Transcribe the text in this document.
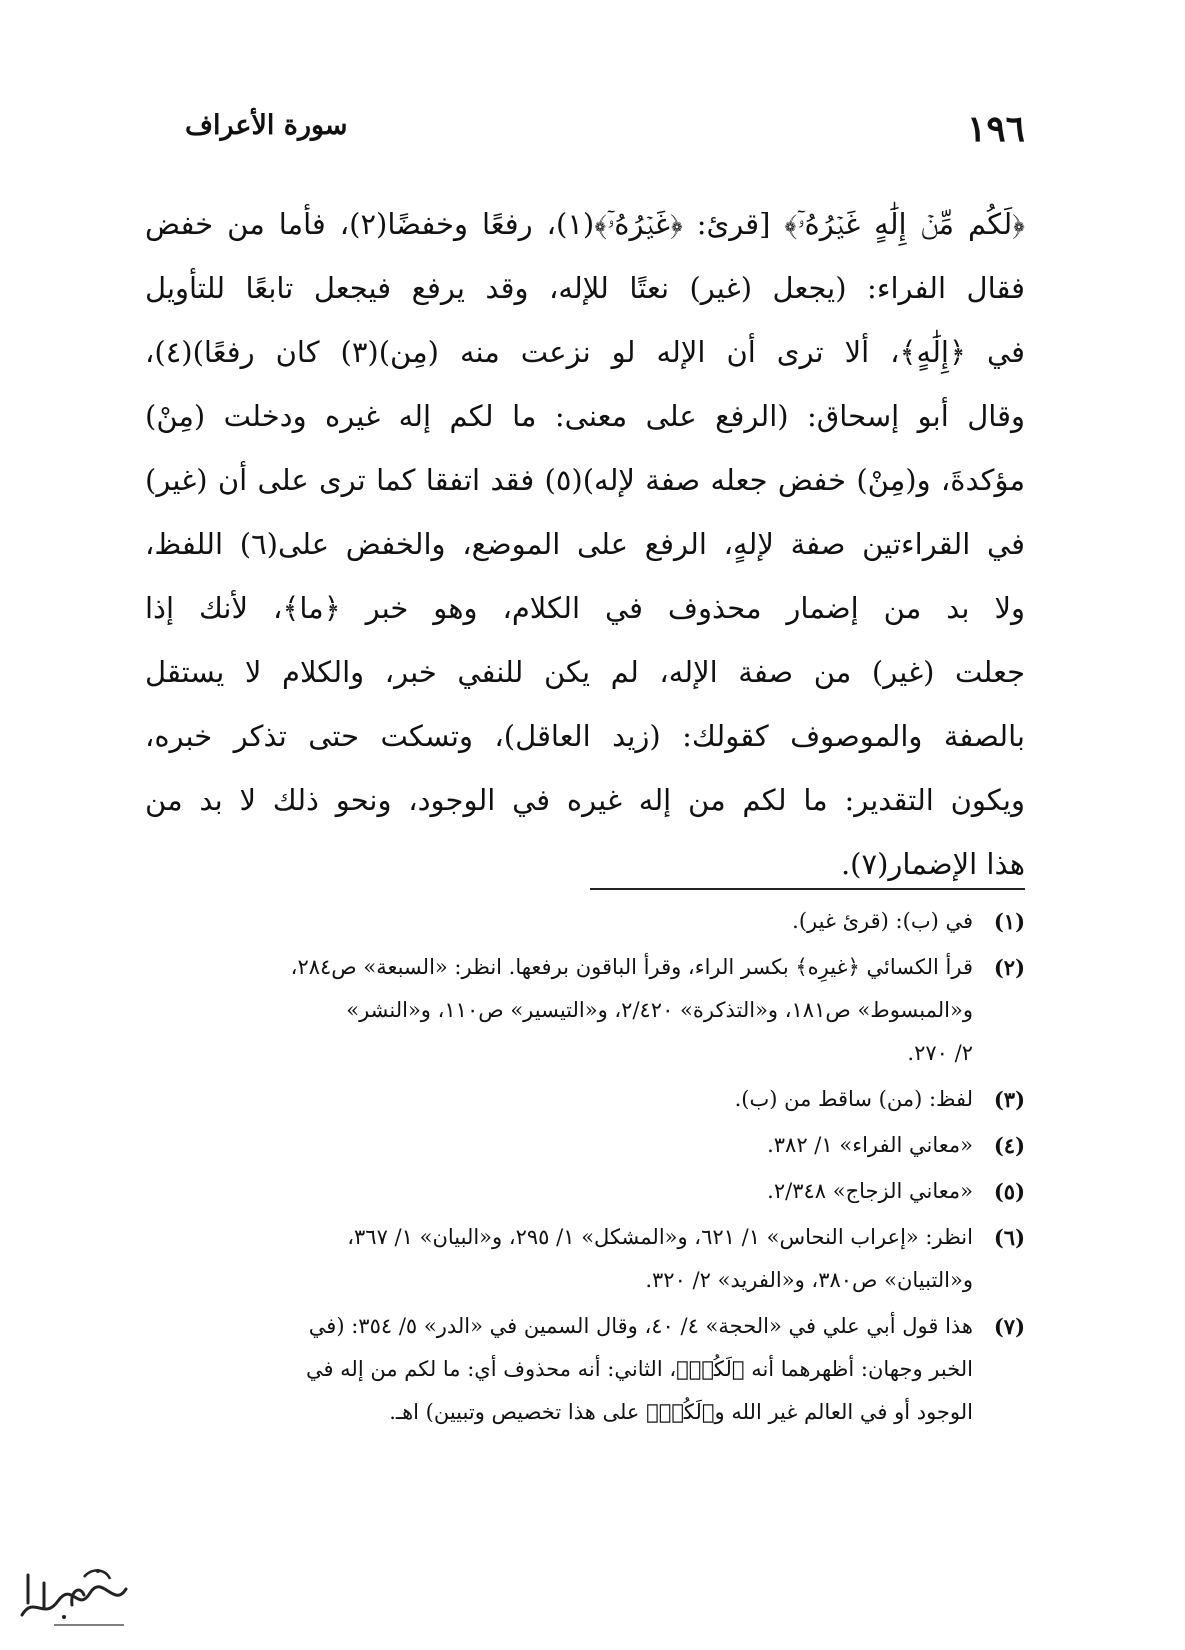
١٩٦
سورة الأعراف
﴿لَكُم مِّنۡ إِلَٰهٍ غَيۡرُهُۥٓ﴾ [قرئ: ﴿غَيۡرُهُۥٓ﴾(١)، رفعًا وخفضًا(٢)، فأما من خفض
فقال الفراء: (يجعل (غير) نعتًا للإله، وقد يرفع فيجعل تابعًا للتأويل
في ﴿إِلَٰهٍ﴾، ألا ترى أن الإله لو نزعت منه (مِن)(٣) كان رفعًا)(٤)،
وقال أبو إسحاق: (الرفع على معنى: ما لكم إله غيره ودخلت (مِنْ)
مؤكدةَ، و(مِنْ) خفض جعله صفة لإله)(٥) فقد اتفقا كما ترى على أن (غير)
في القراءتين صفة لإلهٍ، الرفع على الموضع، والخفض على(٦) اللفظ،
ولا بد من إضمار محذوف في الكلام، وهو خبر ﴿ما﴾، لأنك إذا
جعلت (غير) من صفة الإله، لم يكن للنفي خبر، والكلام لا يستقل
بالصفة والموصوف كقولك: (زيد العاقل)، وتسكت حتى تذكر خبره،
ويكون التقدير: ما لكم من إله غيره في الوجود، ونحو ذلك لا بد من
هذا الإضمار(٧).
(١)
في (ب): (قرئ غير).
(٢)
قرأ الكسائي ﴿غيرِه﴾ بكسر الراء، وقرأ الباقون برفعها. انظر: «السبعة» ص٢٨٤،
و«المبسوط» ص١٨١، و«التذكرة» ٢/٤٢٠، و«التيسير» ص١١٠، و«النشر»
٢/ ٢٧٠.
(٣)
لفظ: (من) ساقط من (ب).
(٤)
«معاني الفراء» ١/ ٣٨٢.
(٥)
«معاني الزجاج» ٢/٣٤٨.
(٦)
انظر: «إعراب النحاس» ١/ ٦٢١، و«المشكل» ١/ ٢٩٥، و«البيان» ١/ ٣٦٧،
و«التبيان» ص٣٨٠، و«الفريد» ٢/ ٣٢٠.
(٧)
هذا قول أبي علي في «الحجة» ٤/ ٤٠، وقال السمين في «الدر» ٥/ ٣٥٤: (في
الخبر وجهان: أظهرهما أنه ﴿لَكُمۡ﴾، الثاني: أنه محذوف أي: ما لكم من إله في
الوجود أو في العالم غير الله و﴿لَكُمۡ﴾ على هذا تخصيص وتبيين) اهـ.
